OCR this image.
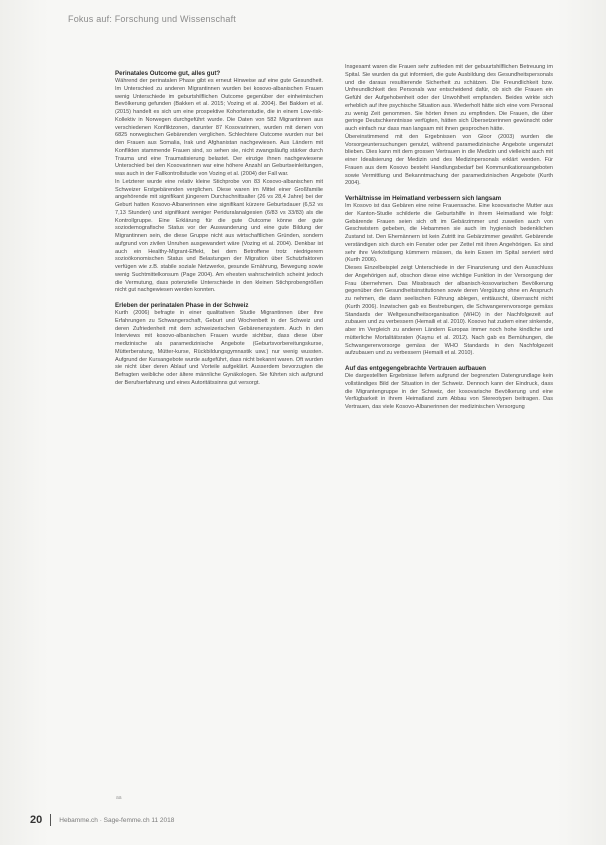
Fokus auf: Forschung und Wissenschaft
Perinatales Outcome gut, alles gut?

Während der perinatalen Phase gibt es erneut Hinweise auf eine gute Gesundheit. Im Unterschied zu anderen Migrantinnen wurden bei kosovo-albanischen Frauen wenig Unterschiede im geburtshilflichen Outcome gegenüber der einheimischen Bevölkerung gefunden (Bakken et al. 2015; Vozing et al. 2004). Bei Bakken et al. (2015) handelt es sich um eine prospektive Kohortenstudie, die in einem Low-risk-Kollektiv in Norwegen durchgeführt wurde. Die Daten von 582 Migrantinnen aus verschiedenen Konfliktzonen, darunter 87 Kosovarinnen, wurden mit denen von 6825 norwegischen Gebärenden verglichen. Schlechtere Outcome wurden nur bei den Frauen aus Somalia, Irak und Afghanistan nachgewiesen. Aus Ländern mit Konflikten stammende Frauen sind, so sehen sie, nicht zwangsläufig stärker durch Trauma und eine Traumatisierung belastet. Der einzige ihnen nachgewiesene Unterschied bei den Kosovarinnen war eine höhere Anzahl an Geburtseinleitungen, was auch in der Fallkontrollstudie von Vozing et al. (2004) der Fall war.

In Letzterer wurde eine relativ kleine Stichprobe von 83 Kosovo-albanischen mit Schweizer Erstgebärenden verglichen. Diese waren im Mittel einer Großfamilie angehörende mit signifikant jüngerem Durchschnittsalter (26 vs 28,4 Jahre) bei der Geburt hatten Kosovo-Albanerinnen eine signifikant kürzere Geburtsdauer (6,52 vs 7,13 Stunden) und signifikant weniger Periduralanalgesien (6/83 vs 33/83) als die Kontrollgruppe. Eine Erklärung für die gute Outcome könne der gute soziodemografische Status vor der Auswanderung und eine gute Bildung der Migrantinnen sein, die diese Gruppe nicht aus wirtschaftlichen Gründen, sondern aufgrund von zivilen Unruhen ausgewandert wäre (Vozing et al. 2004). Denkbar ist auch ein Healthy-Migrant-Effekt, bei dem Betroffene trotz niedrigerem sozioökonomischen Status und Belastungen der Migration über Schutzfaktoren verfügen wie z.B. stabile soziale Netzwerke, gesunde Ernährung, Bewegung sowie wenig Suchtmittelkonsum (Page 2004). Am ehesten wahrscheinlich scheint jedoch die Vermutung, dass potenzielle Unterschiede in den kleinen Stichprobengrößen nicht gut nachgewiesen werden konnten.

Erleben der perinatalen Phase in der Schweiz

Kurth (2006) befragte in einer qualitativen Studie Migrantinnen über ihre Erfahrungen zu Schwangerschaft, Geburt und Wochenbett in der Schweiz und deren Zufriedenheit mit dem schweizerischen Gebärenensystem. Auch in den Interviews mit kosovo-albanischen Frauen wurde sichtbar, dass diese über medizinische als paramedizinische Angebote (Geburtsvorbereitungskurse, Mütterberatung, Mütter-kurse, Rückbildungsgymnastik usw.) nur wenig wussten. Aufgrund der Kursangebote wurde aufgeführt, dass nicht bekannt waren. Oft wurden sie nicht über deren Ablauf und Vorteile aufgeklärt. Ausserdem bevorzugten die Befragten weibliche oder ältere männliche Gynäkologen. Sie führten sich aufgrund der Berufserfahrung und eines Autoritätssinns gut versorgt.

Insgesamt waren die Frauen sehr zufrieden mit der gebuurtshilflichen Betreuung im Spital. Sie wurden da gut informiert, die gute Ausbildung des Gesundheitspersonals und die daraus resultierende Sicherheit zu schätzen. Die Freundlichkeit bzw. Unfreundlichkeit des Personals war entscheidend dafür, ob sich die Frauen ein Gefühl der Aufgehobenheit oder der Unwohlheit empfanden. Beides wirkte sich erheblich auf ihre psychische Situation aus. Wiederholt hätte sich eine vom Personal zu wenig Zeit genommen. Sie hörten ihnen zu empfinden. Die Frauen, die über geringe Deutschkenntnisse verfügten, hätten sich Übersetzerinnen gewünscht oder auch einfach nur dass man langsam mit ihnen gesprochen hätte.

Übereinstimmend mit den Ergebnissen von Gloor (2003) wurden die Vorsorgeuntersuchungen genutzt, während paramedizinische Angebote ungenutzt blieben. Dies kann mit dem grossen Vertrauen in die Medizin und vielleicht auch mit einer Idealisierung der Medizin und des Medizinpersonals erklärt werden. Für Frauen aus dem Kosovo besteht Handlungsbedarf bei Kommunikationsangeboten sowie Vermittlung und Bekanntmachung der paramedizinischen Angebote (Kurth 2004).

Verhältnisse im Heimatland verbessern sich langsam

Im Kosovo ist das Gebären eine reine Frauensache. Eine kosovarische Mutter aus der Kanton-Studie schilderte die Geburtshilfe in ihrem Heimatland wie folgt: Gebärende Frauen seien sich oft im Gebärzimmer und zuweilen auch von Geschwistern gebeben, die Hebammen sie auch im hygienisch bedenklichen Zustand ist. Den Ehemännern ist kein Zutritt ins Gebärzimmer gewährt. Gebärende verständigen sich durch ein Fenster oder per Zettel mit ihren Angehörigen. Es sind sehr ihre Verköstigung kümmern müssen, da kein Essen im Spital serviert wird (Kurth 2006).

Dieses Einzelbeispiel zeigt Unterschiede in der Finanzierung und den Ausschluss der Angehörigen auf, obschon diese eine wichtige Funktion in der Versorgung der Frau übernehmen. Das Missbrauch der albanisch-kosovarischen Bevölkerung gegenüber den Gesundheitsinstitutionen sowie deren Vergütung ohne en Anspruch zu nehmen, die dann seelischen Führung ablegen, enttäuscht, überrascht nicht (Kurth 2006). Inzwischen gab es Bestrebungen, die Schwangerenvorsorge gemäss Standards der Weltgesundheitsorganisation (WHO) in der Nachfolgezeit auf zubauen und zu verbessern (Hemaili et al. 2010). Kosovo hat zudem einer sinkende, aber im Vergleich zu anderen Ländern Europas immer noch hohe kindliche und mütterliche Mortalitätsraten (Kaynu et al. 2012). Nach gab es Bemühungen, die Schwangerenvorsorge gemäss der WHO Standards in den Nachfolgezeit aufzubauen und zu verbessern (Hemaili et al. 2010).

Auf das entgegengebrachte Vertrauen aufbauen

Die dargestellten Ergebnisse liefern aufgrund der begrenzten Datengrundlage kein vollständiges Bild der Situation in der Schweiz. Dennoch kann der Eindruck, dass die Migrantengruppe in der Schweiz, der kosovarische Bevölkerung und eine Verfügbarkeit in ihrem Heimatland zum Abbau von Stereotypen beitragen. Das Vertrauen, das viele Kosovo-Albanerinnen der medizinischen Versorgung

aa
20	Hebamme.ch · Sage-femme.ch 11 2018
